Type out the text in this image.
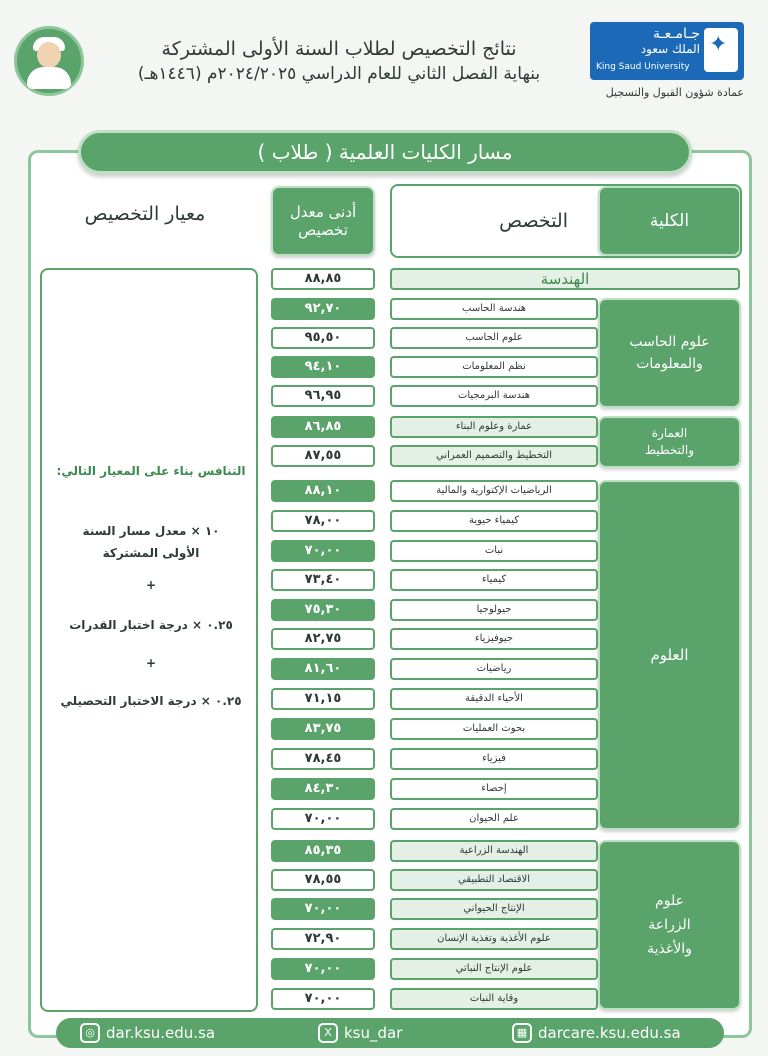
نتائج التخصيص لطلاب السنة الأولى المشتركة
بنهاية الفصل الثاني للعام الدراسي ٢٠٢٤/٢٠٢٥م (١٤٤٦هـ)
جـامـعـة
الملك سعود
King Saud University
✦
عمادة شؤون القبول والتسجيل
مسار الكليات العلمية ( طلاب )
الكلية
التخصص
أدنى معدل تخصيص
معيار التخصيص
التنافس بناء على المعيار التالي:
١٠ × معدل مسار السنة الأولى المشتركة
+
٠.٢٥ × درجة اختبار القدرات
+
٠.٢٥ × درجة الاختبار التحصيلي
٨٨,٨٥	الهندسة
علوم الحاسب والمعلومات
٩٢,٧٠	هندسة الحاسب
٩٥,٥٠	علوم الحاسب
٩٤,١٠	نظم المعلومات
٩٦,٩٥	هندسة البرمجيات
العمارة والتخطيط
٨٦,٨٥	عمارة وعلوم البناء
٨٧,٥٥	التخطيط والتصميم العمراني
العلوم
٨٨,١٠	الرياضيات الإكتوارية والمالية
٧٨,٠٠	كيمياء حيوية
٧٠,٠٠	نبات
٧٣,٤٠	كيمياء
٧٥,٣٠	جيولوجيا
٨٢,٧٥	جيوفيزياء
٨١,٦٠	رياضيات
٧١,١٥	الأحياء الدقيقة
٨٣,٧٥	بحوث العمليات
٧٨,٤٥	فيزياء
٨٤,٣٠	إحصاء
٧٠,٠٠	علم الحيوان
علوم الزراعة والأغذية
٨٥,٣٥	الهندسة الزراعية
٧٨,٥٥	الاقتصاد التطبيقي
٧٠,٠٠	الإنتاج الحيواني
٧٢,٩٠	علوم الأغذية وتغذية الإنسان
٧٠,٠٠	علوم الإنتاج النباتي
٧٠,٠٠	وقاية النبات
◎ dar.ksu.edu.sa	X ksu_dar	▦ darcare.ksu.edu.sa
